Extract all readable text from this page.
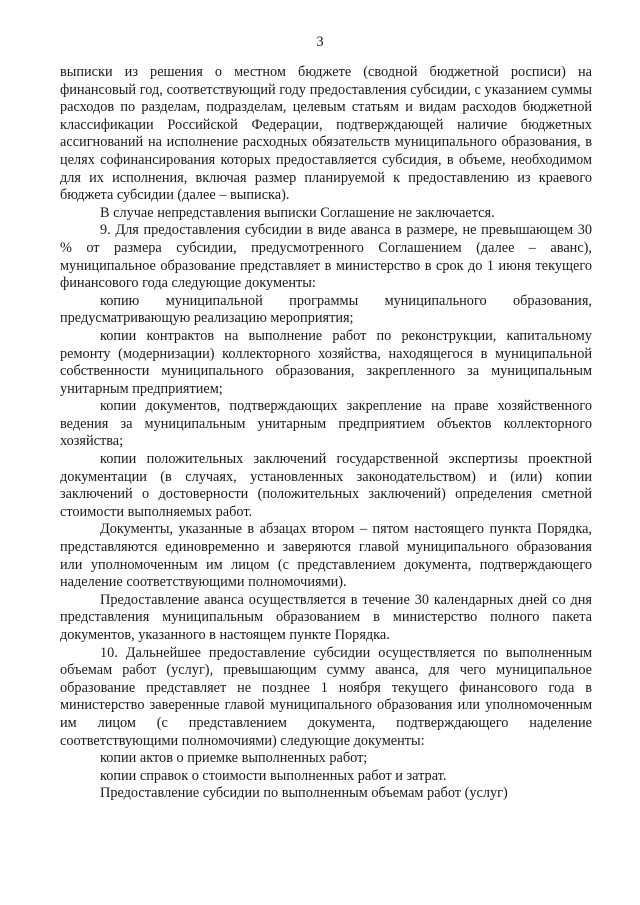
3

выписки из решения о местном бюджете (сводной бюджетной росписи) на финансовый год, соответствующий году предоставления субсидии, с указанием суммы расходов по разделам, подразделам, целевым статьям и видам расходов бюджетной классификации Российской Федерации, подтверждающей наличие бюджетных ассигнований на исполнение расходных обязательств муниципального образования, в целях софинансирования которых предоставляется субсидия, в объеме, необходимом для их исполнения, включая размер планируемой к предоставлению из краевого бюджета субсидии (далее – выписка).

В случае непредставления выписки Соглашение не заключается.

9. Для предоставления субсидии в виде аванса в размере, не превышающем 30 % от размера субсидии, предусмотренного Соглашением (далее – аванс), муниципальное образование представляет в министерство в срок до 1 июня текущего финансового года следующие документы:

копию муниципальной программы муниципального образования, предусматривающую реализацию мероприятия;

копии контрактов на выполнение работ по реконструкции, капитальному ремонту (модернизации) коллекторного хозяйства, находящегося в муниципальной собственности муниципального образования, закрепленного за муниципальным унитарным предприятием;

копии документов, подтверждающих закрепление на праве хозяйственного ведения за муниципальным унитарным предприятием объектов коллекторного хозяйства;

копии положительных заключений государственной экспертизы проектной документации (в случаях, установленных законодательством) и (или) копии заключений о достоверности (положительных заключений) определения сметной стоимости выполняемых работ.

Документы, указанные в абзацах втором – пятом настоящего пункта Порядка, представляются единовременно и заверяются главой муниципального образования или уполномоченным им лицом (с представлением документа, подтверждающего наделение соответствующими полномочиями).

Предоставление аванса осуществляется в течение 30 календарных дней со дня представления муниципальным образованием в министерство полного пакета документов, указанного в настоящем пункте Порядка.

10. Дальнейшее предоставление субсидии осуществляется по выполненным объемам работ (услуг), превышающим сумму аванса, для чего муниципальное образование представляет не позднее 1 ноября текущего финансового года в министерство заверенные главой муниципального образования или уполномоченным им лицом (с представлением документа, подтверждающего наделение соответствующими полномочиями) следующие документы:

копии актов о приемке выполненных работ;

копии справок о стоимости выполненных работ и затрат.

Предоставление субсидии по выполненным объемам работ (услуг)
